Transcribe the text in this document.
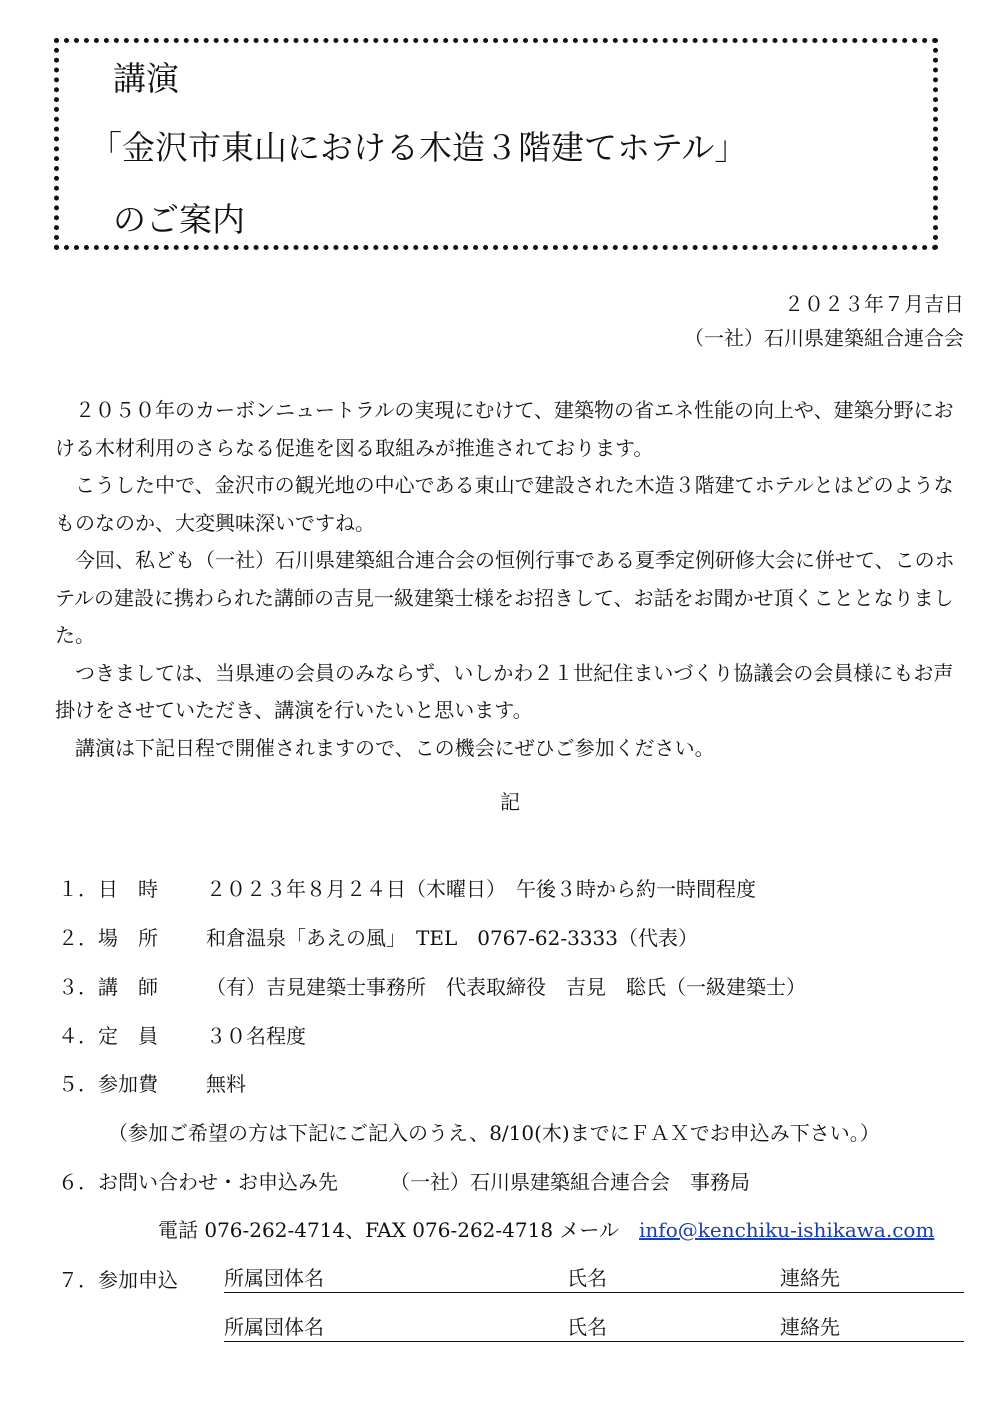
講演
「金沢市東山における木造３階建てホテル」
のご案内
２０２３年７月吉日
（一社）石川県建築組合連合会

２０５０年のカーボンニュートラルの実現にむけて、建築物の省エネ性能の向上や、建築分野における木材利用のさらなる促進を図る取組みが推進されております。

こうした中で、金沢市の観光地の中心である東山で建設された木造３階建てホテルとはどのようなものなのか、大変興味深いですね。

今回、私ども（一社）石川県建築組合連合会の恒例行事である夏季定例研修大会に併せて、このホテルの建設に携わられた講師の吉見一級建築士様をお招きして、お話をお聞かせ頂くこととなりました。

つきましては、当県連の会員のみならず、いしかわ２１世紀住まいづくり協議会の会員様にもお声掛けをさせていただき、講演を行いたいと思います。

講演は下記日程で開催されますので、この機会にぜひご参加ください。

記
１．日　時 ２０２３年８月２４日（木曜日）　午後３時から約一時間程度
２．場　所 和倉温泉「あえの風」　TEL　0767-62-3333（代表）
３．講　師 （有）吉見建築士事務所　代表取締役　吉見　聡氏（一級建築士）
４．定　員 ３０名程度
５．参加費 無料
（参加ご希望の方は下記にご記入のうえ、8/10(木)までにＦＡＸでお申込み下さい。）
６．お問い合わせ・お申込み先	（一社）石川県建築組合連合会　事務局
電話 076-262-4714、FAX 076-262-4718 メール info@kenchiku-ishikawa.com
７．参加申込 所属団体名	氏名	連絡先
所属団体名	氏名	連絡先
